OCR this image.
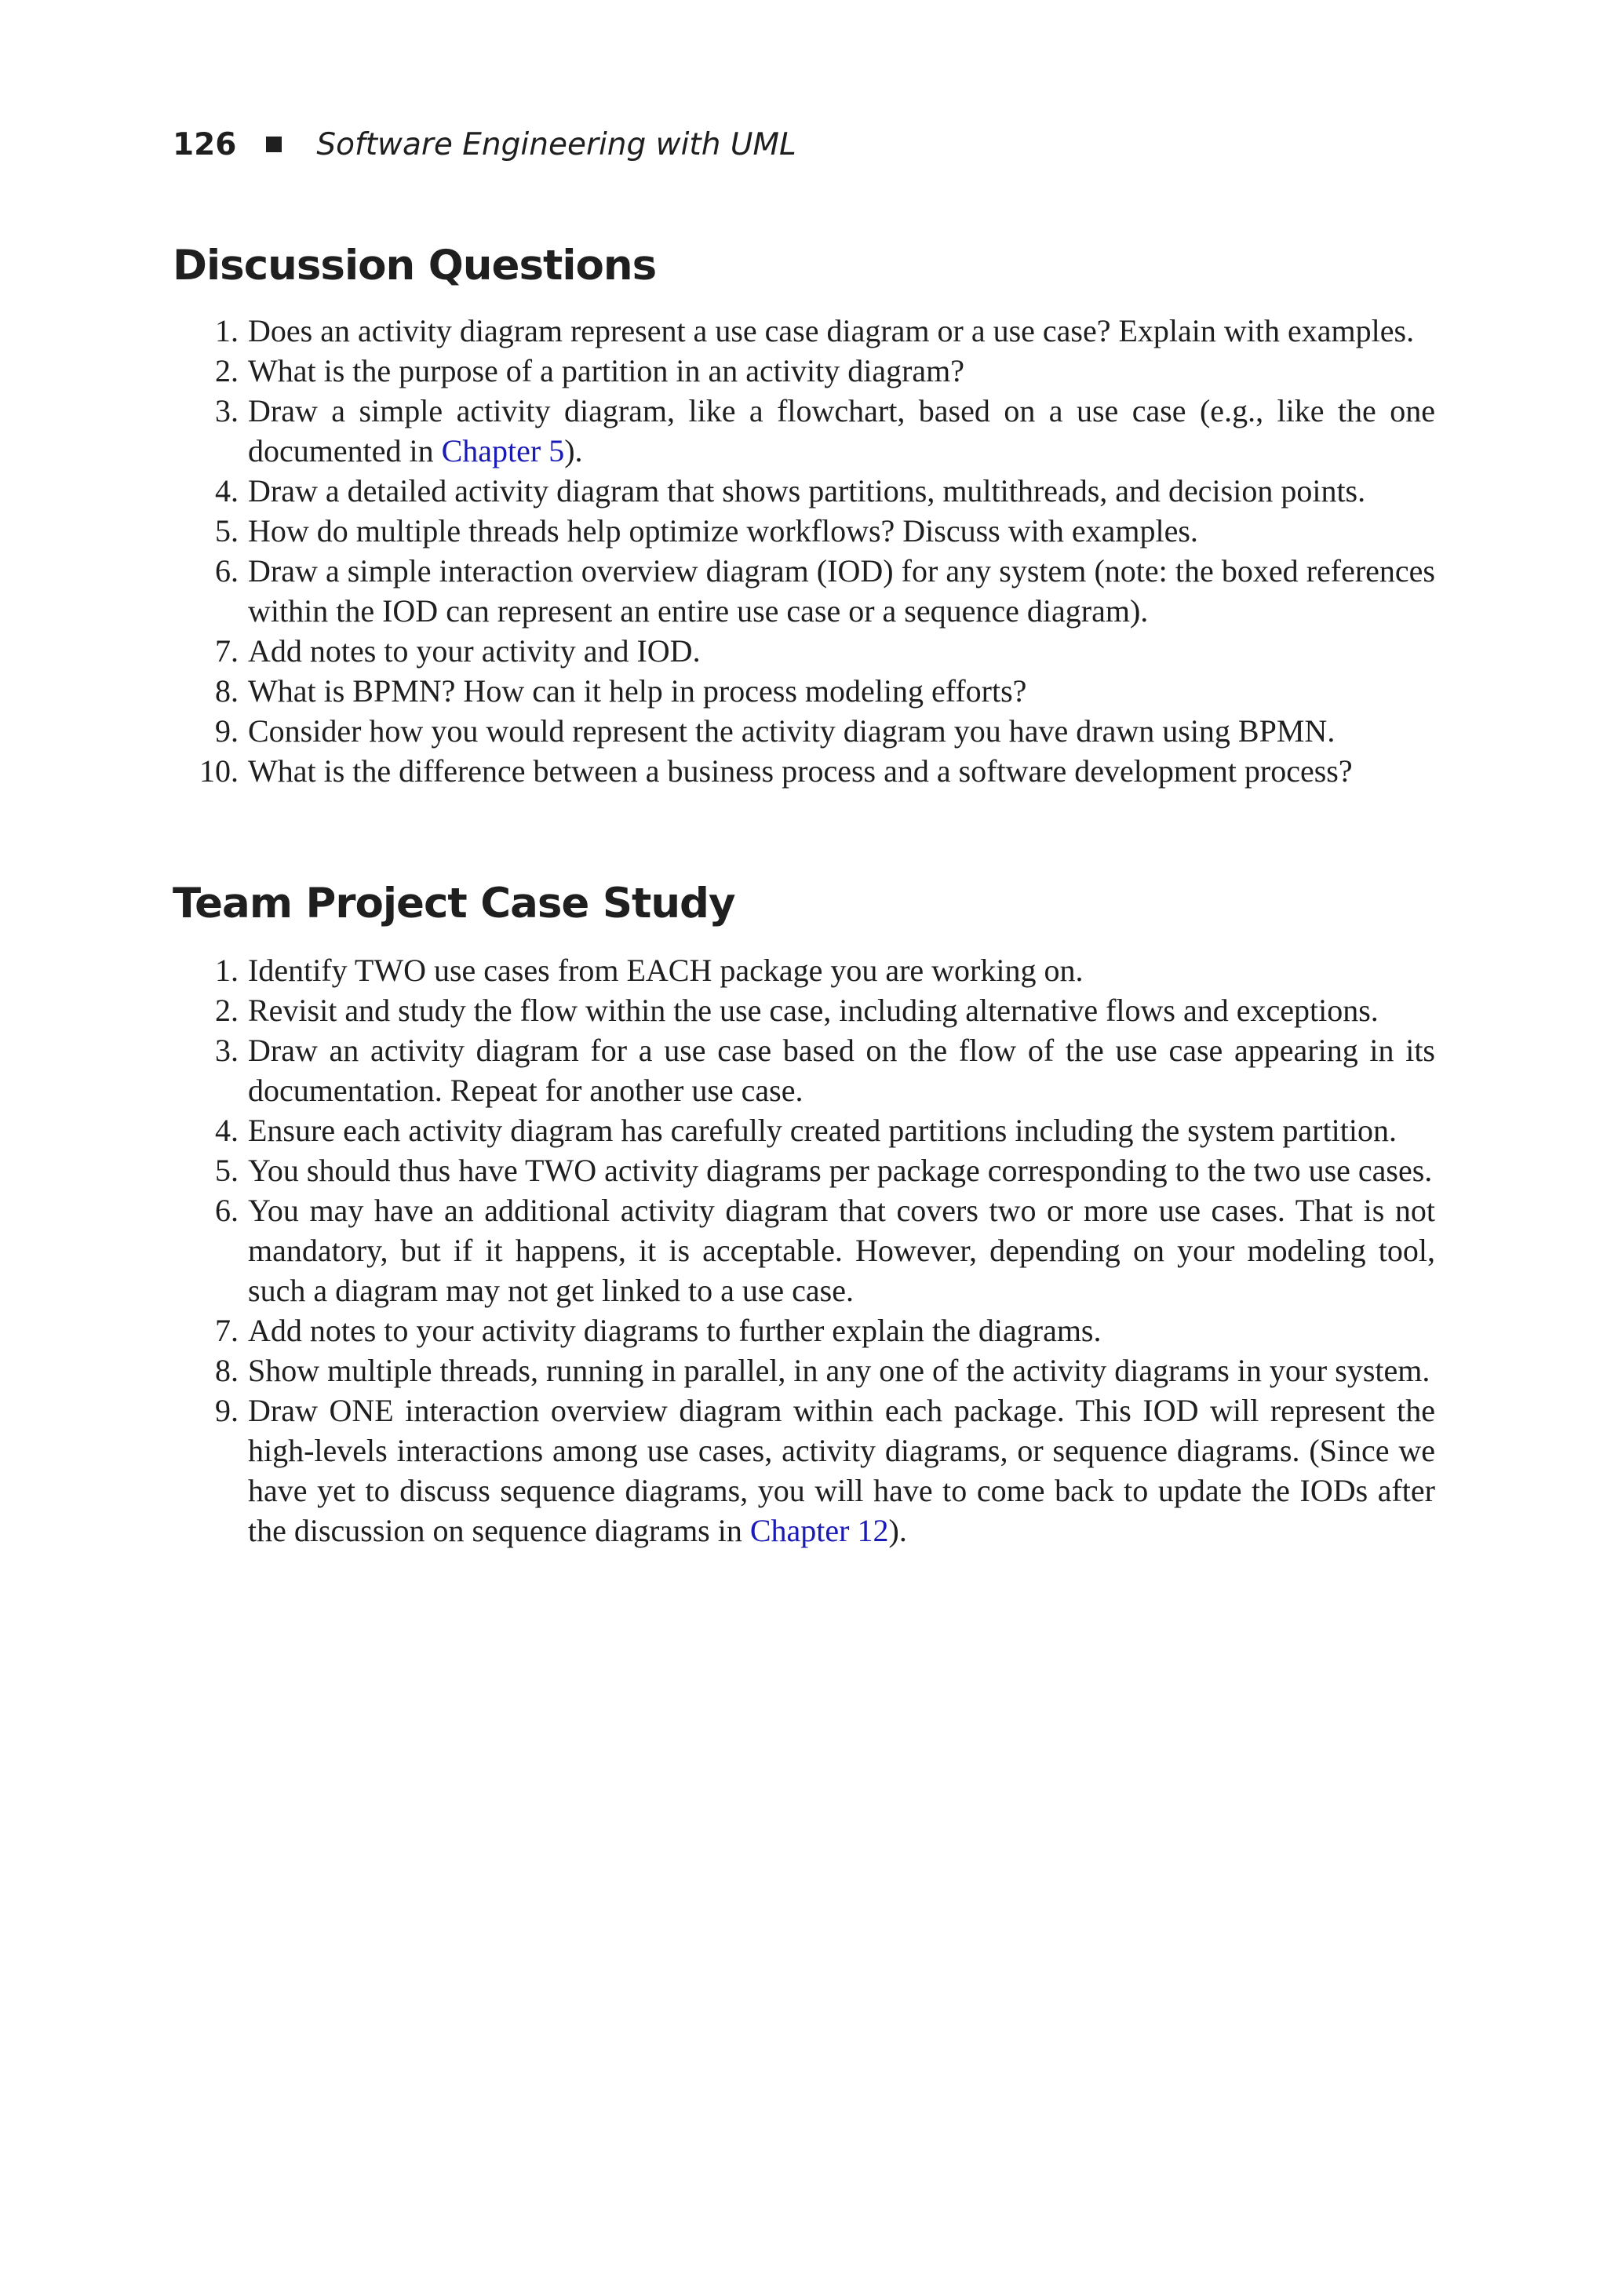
126	Software Engineering with UML
Discussion Questions
1. Does an activity diagram represent a use case diagram or a use case? Explain with examples.
2. What is the purpose of a partition in an activity diagram?
3. Draw a simple activity diagram, like a flowchart, based on a use case (e.g., like the one documented in Chapter 5).
4. Draw a detailed activity diagram that shows partitions, multithreads, and decision points.
5. How do multiple threads help optimize workflows? Discuss with examples.
6. Draw a simple interaction overview diagram (IOD) for any system (note: the boxed references within the IOD can represent an entire use case or a sequence diagram).
7. Add notes to your activity and IOD.
8. What is BPMN? How can it help in process modeling efforts?
9. Consider how you would represent the activity diagram you have drawn using BPMN.
10. What is the difference between a business process and a software development process?
Team Project Case Study
1. Identify TWO use cases from EACH package you are working on.
2. Revisit and study the flow within the use case, including alternative flows and exceptions.
3. Draw an activity diagram for a use case based on the flow of the use case appearing in its documentation. Repeat for another use case.
4. Ensure each activity diagram has carefully created partitions including the system partition.
5. You should thus have TWO activity diagrams per package corresponding to the two use cases.
6. You may have an additional activity diagram that covers two or more use cases. That is not mandatory, but if it happens, it is acceptable. However, depending on your modeling tool, such a diagram may not get linked to a use case.
7. Add notes to your activity diagrams to further explain the diagrams.
8. Show multiple threads, running in parallel, in any one of the activity diagrams in your system.
9. Draw ONE interaction overview diagram within each package. This IOD will represent the high-levels interactions among use cases, activity diagrams, or sequence diagrams. (Since we have yet to discuss sequence diagrams, you will have to come back to update the IODs after the discussion on sequence diagrams in Chapter 12).
